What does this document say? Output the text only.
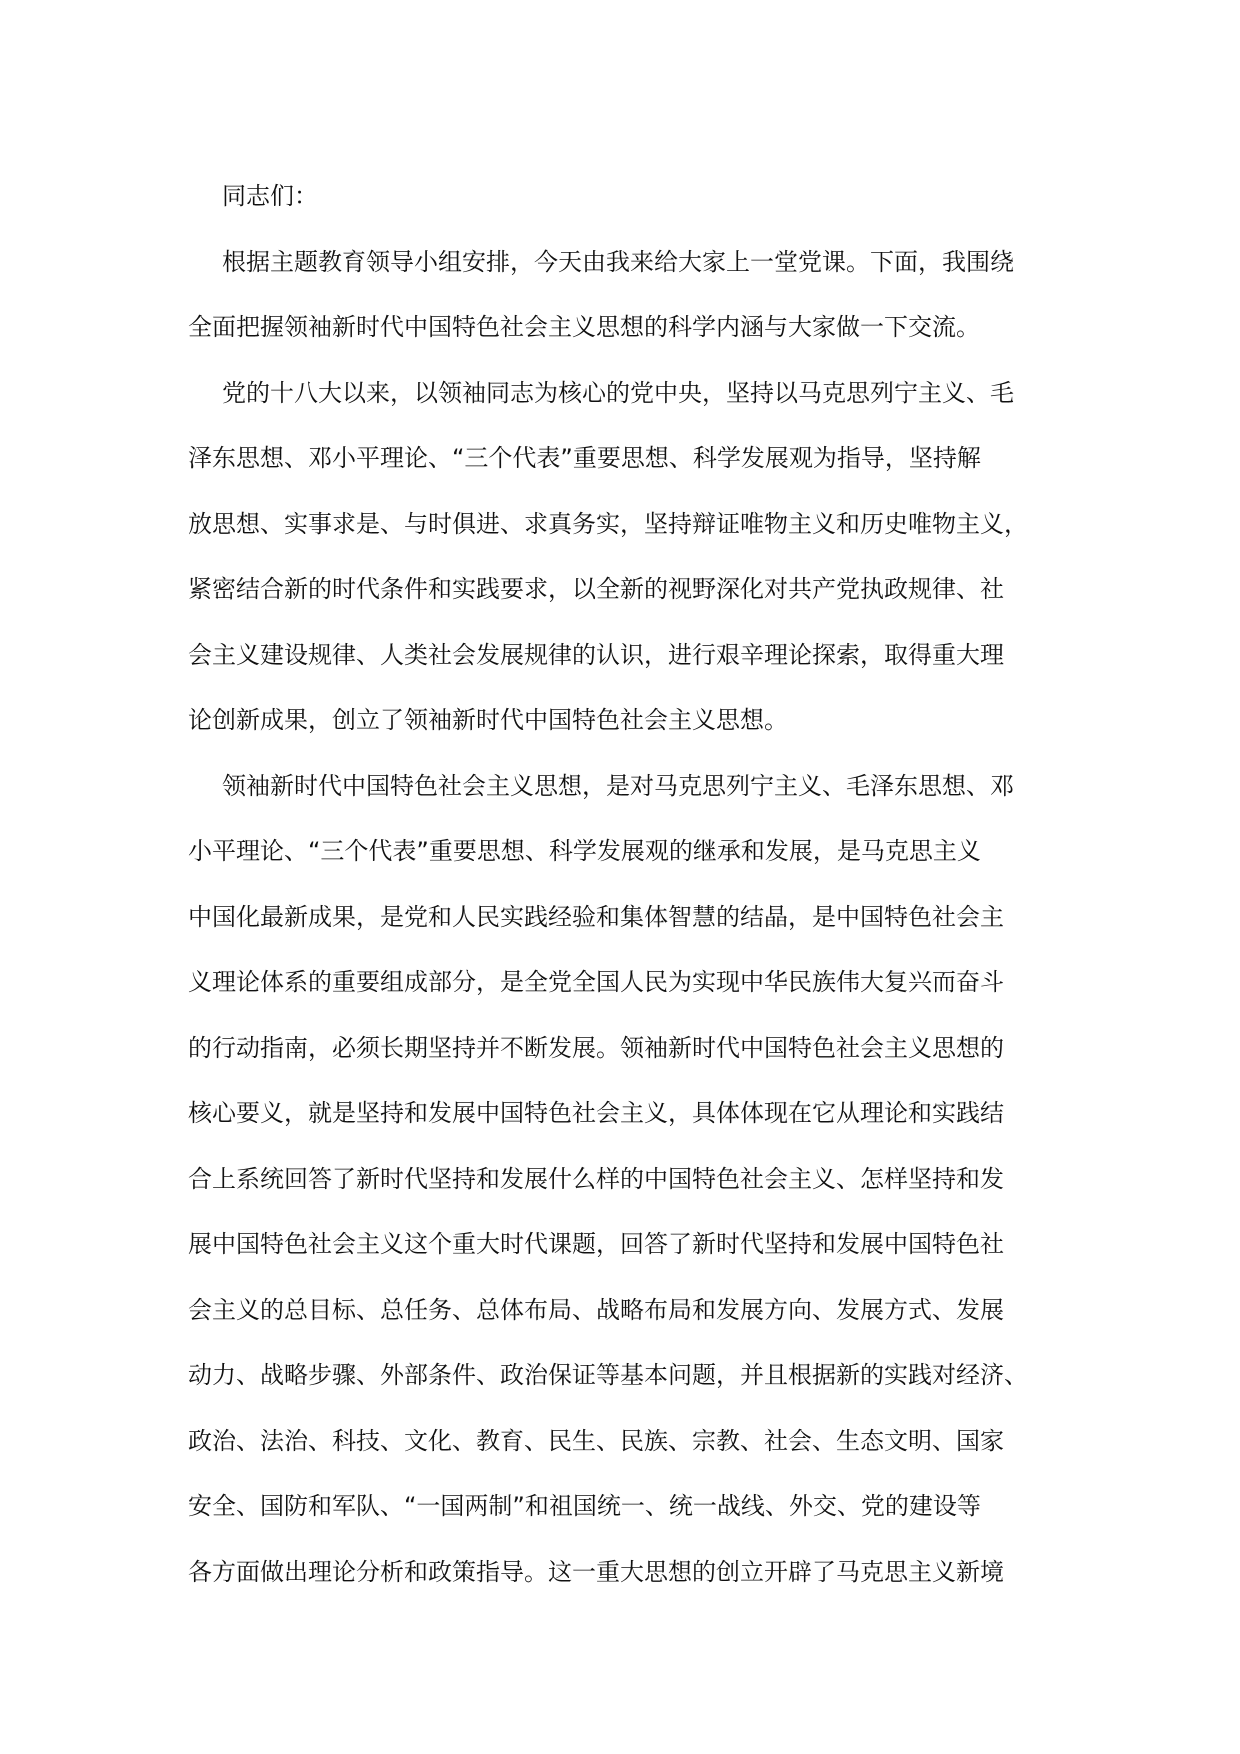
同志们：
根据主题教育领导小组安排，今天由我来给大家上一堂党课。下面，我围绕
全面把握领袖新时代中国特色社会主义思想的科学内涵与大家做一下交流。
党的十八大以来，以领袖同志为核心的党中央，坚持以马克思列宁主义、毛
泽东思想、邓小平理论、“三个代表”重要思想、科学发展观为指导，坚持解
放思想、实事求是、与时俱进、求真务实，坚持辩证唯物主义和历史唯物主义，
紧密结合新的时代条件和实践要求，以全新的视野深化对共产党执政规律、社
会主义建设规律、人类社会发展规律的认识，进行艰辛理论探索，取得重大理
论创新成果，创立了领袖新时代中国特色社会主义思想。
领袖新时代中国特色社会主义思想，是对马克思列宁主义、毛泽东思想、邓
小平理论、“三个代表”重要思想、科学发展观的继承和发展，是马克思主义
中国化最新成果，是党和人民实践经验和集体智慧的结晶，是中国特色社会主
义理论体系的重要组成部分，是全党全国人民为实现中华民族伟大复兴而奋斗
的行动指南，必须长期坚持并不断发展。领袖新时代中国特色社会主义思想的
核心要义，就是坚持和发展中国特色社会主义，具体体现在它从理论和实践结
合上系统回答了新时代坚持和发展什么样的中国特色社会主义、怎样坚持和发
展中国特色社会主义这个重大时代课题，回答了新时代坚持和发展中国特色社
会主义的总目标、总任务、总体布局、战略布局和发展方向、发展方式、发展
动力、战略步骤、外部条件、政治保证等基本问题，并且根据新的实践对经济、
政治、法治、科技、文化、教育、民生、民族、宗教、社会、生态文明、国家
安全、国防和军队、“一国两制”和祖国统一、统一战线、外交、党的建设等
各方面做出理论分析和政策指导。这一重大思想的创立开辟了马克思主义新境
